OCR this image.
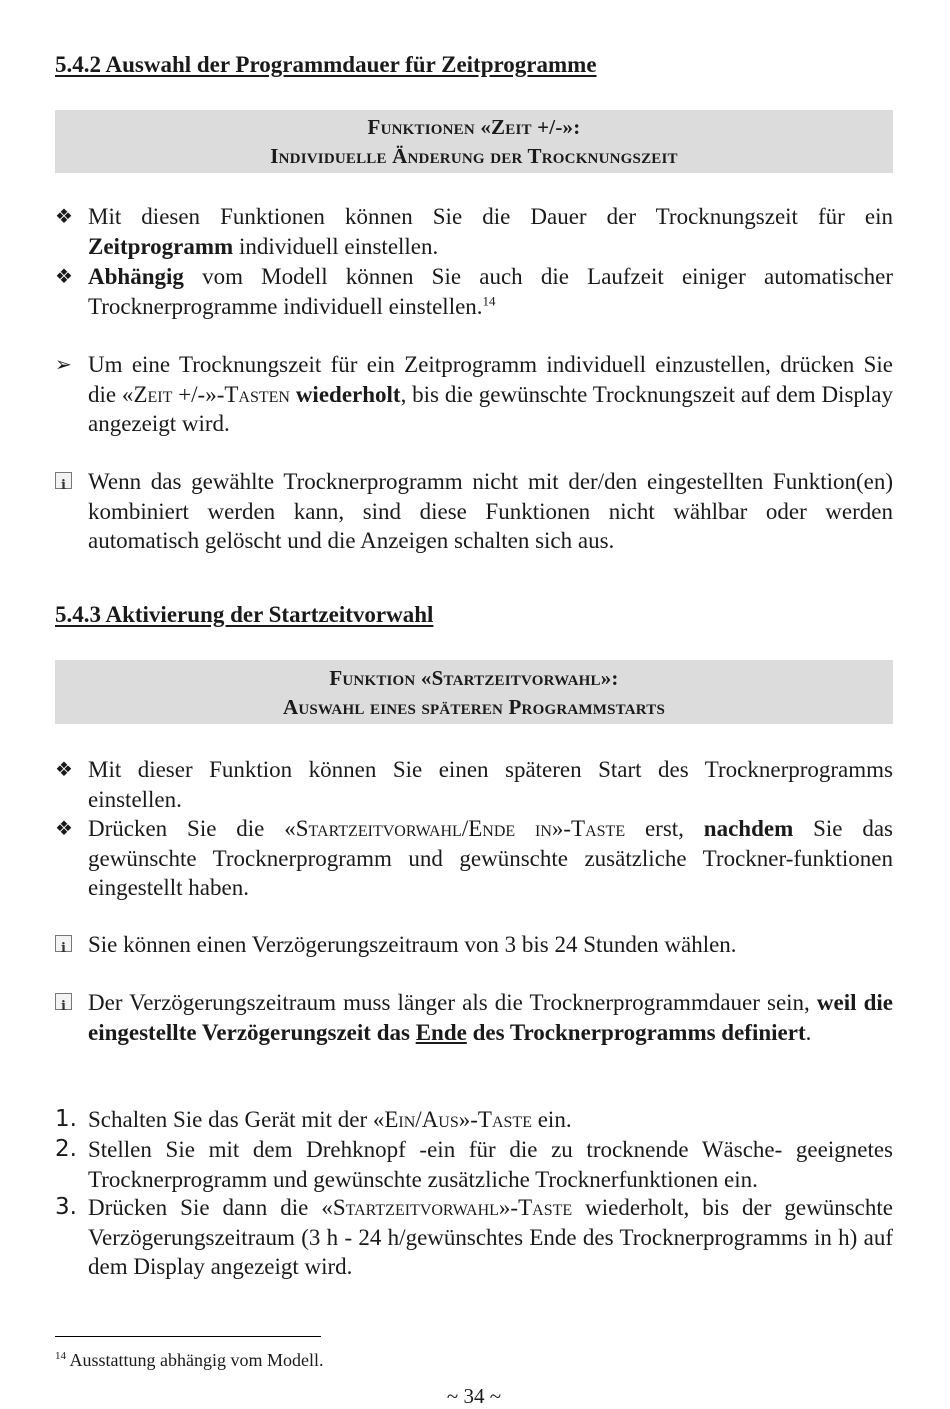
5.4.2 Auswahl der Programmdauer für Zeitprogramme
Funktionen «Zeit +/-»:
Individuelle Änderung der Trocknungszeit
❖ Mit diesen Funktionen können Sie die Dauer der Trocknungszeit für ein Zeitprogramm individuell einstellen.
❖ Abhängig vom Modell können Sie auch die Laufzeit einiger automatischer Trocknerprogramme individuell einstellen.$^{14}$
➢ Um eine Trocknungszeit für ein Zeitprogramm individuell einzustellen, drücken Sie die «Zeit +/-»-Tasten wiederholt, bis die gewünschte Trocknungszeit auf dem Display angezeigt wird.
i
Wenn das gewählte Trocknerprogramm nicht mit der/den eingestellten Funktion(en) kombiniert werden kann, sind diese Funktionen nicht wählbar oder werden automatisch gelöscht und die Anzeigen schalten sich aus.
5.4.3 Aktivierung der Startzeitvorwahl
Funktion «Startzeitvorwahl»:
Auswahl eines späteren Programmstarts
❖ Mit dieser Funktion können Sie einen späteren Start des Trocknerprogramms einstellen.
❖ Drücken Sie die «Startzeitvorwahl/Ende in»-Taste erst, nachdem Sie das gewünschte Trocknerprogramm und gewünschte zusätzliche Trockner-funktionen eingestellt haben.
i
Sie können einen Verzögerungszeitraum von 3 bis 24 Stunden wählen.
i
Der Verzögerungszeitraum muss länger als die Trocknerprogrammdauer sein, weil die eingestellte Verzögerungszeit das Ende des Trocknerprogramms definiert.
1. Schalten Sie das Gerät mit der «Ein/Aus»-Taste ein.
2. Stellen Sie mit dem Drehknopf -ein für die zu trocknende Wäsche- geeignetes Trocknerprogramm und gewünschte zusätzliche Trocknerfunktionen ein.
3. Drücken Sie dann die «Startzeitvorwahl»-Taste wiederholt, bis der gewünschte Verzögerungszeitraum (3 h - 24 h/gewünschtes Ende des Trocknerprogramms in h) auf dem Display angezeigt wird.
$^{14}$ Ausstattung abhängig vom Modell.
~ 34 ~
